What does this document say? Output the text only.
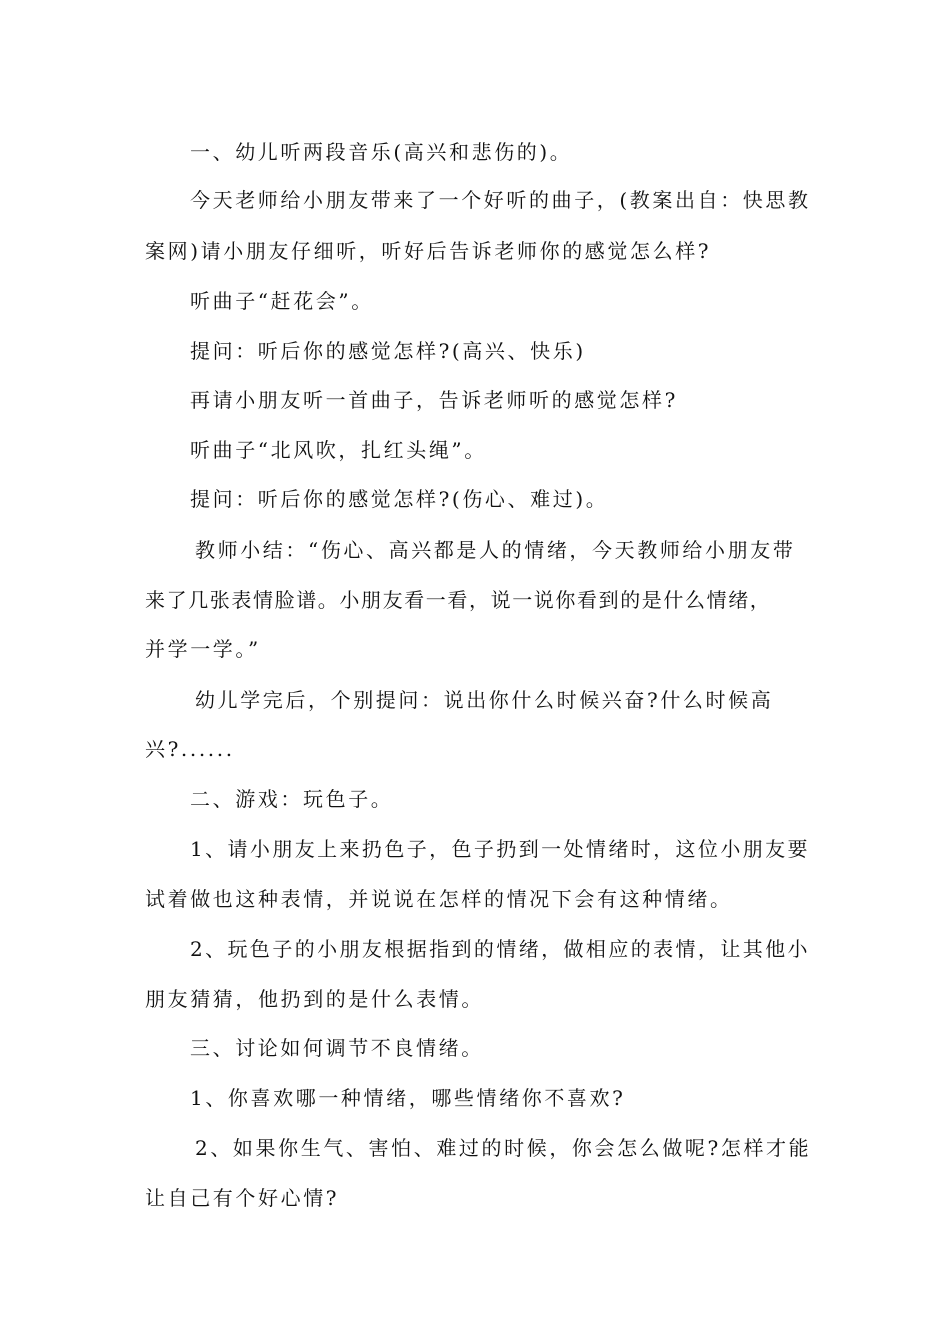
一、幼儿听两段音乐(高兴和悲伤的)。
今天老师给小朋友带来了一个好听的曲子，(教案出自：快思教
案网)请小朋友仔细听，听好后告诉老师你的感觉怎么样?
听曲子“赶花会”。
提问：听后你的感觉怎样?(高兴、快乐)
再请小朋友听一首曲子，告诉老师听的感觉怎样?
听曲子“北风吹，扎红头绳”。
提问：听后你的感觉怎样?(伤心、难过)。
教师小结：“伤心、高兴都是人的情绪，今天教师给小朋友带
来了几张表情脸谱。小朋友看一看，说一说你看到的是什么情绪，
并学一学。”
幼儿学完后，个别提问：说出你什么时候兴奋?什么时候高
兴?......
二、游戏：玩色子。
1、请小朋友上来扔色子，色子扔到一处情绪时，这位小朋友要
试着做也这种表情，并说说在怎样的情况下会有这种情绪。
2、玩色子的小朋友根据指到的情绪，做相应的表情，让其他小
朋友猜猜，他扔到的是什么表情。
三、讨论如何调节不良情绪。
1、你喜欢哪一种情绪，哪些情绪你不喜欢?
2、如果你生气、害怕、难过的时候，你会怎么做呢?怎样才能
让自己有个好心情?
